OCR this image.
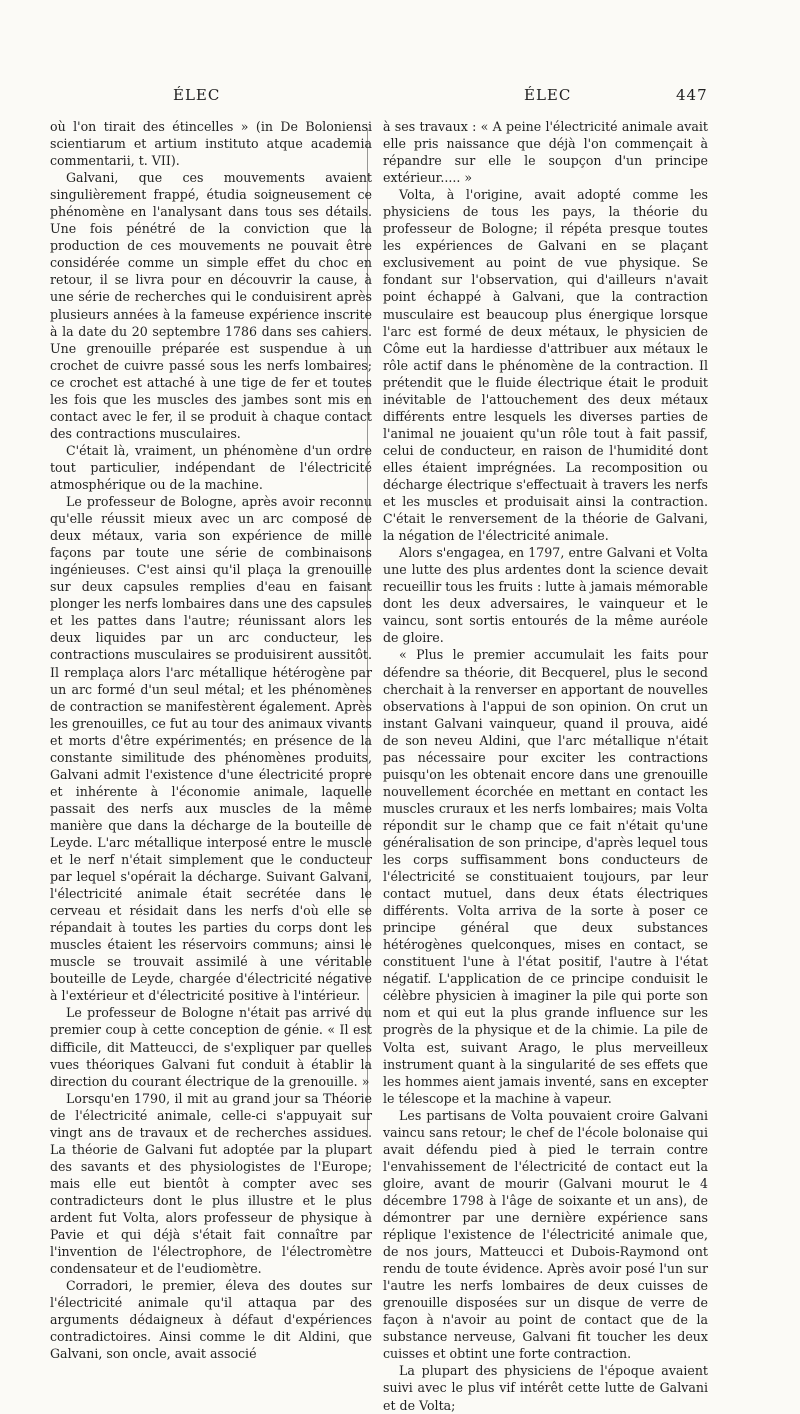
ÉLEC	ÉLEC	447

où l'on tirait des étincelles » (in De Boloniensi scientiarum et artium instituto atque academia commentarii, t. VII).

Galvani, que ces mouvements avaient singulièrement frappé, étudia soigneusement ce phénomène en l'analysant dans tous ses détails. Une fois pénétré de la conviction que la production de ces mouvements ne pouvait être considérée comme un simple effet du choc en retour, il se livra pour en découvrir la cause, à une série de recherches qui le conduisirent après plusieurs années à la fameuse expérience inscrite à la date du 20 septembre 1786 dans ses cahiers. Une grenouille préparée est suspendue à un crochet de cuivre passé sous les nerfs lombaires; ce crochet est attaché à une tige de fer et toutes les fois que les muscles des jambes sont mis en contact avec le fer, il se produit à chaque contact des contractions musculaires.

C'était là, vraiment, un phénomène d'un ordre tout particulier, indépendant de l'électricité atmosphérique ou de la machine.

Le professeur de Bologne, après avoir reconnu qu'elle réussit mieux avec un arc composé de deux métaux, varia son expérience de mille façons par toute une série de combinaisons ingénieuses. C'est ainsi qu'il plaça la grenouille sur deux capsules remplies d'eau en faisant plonger les nerfs lombaires dans une des capsules et les pattes dans l'autre; réunissant alors les deux liquides par un arc conducteur, les contractions musculaires se produisirent aussitôt. Il remplaça alors l'arc métallique hétérogène par un arc formé d'un seul métal; et les phénomènes de contraction se manifestèrent également. Après les grenouilles, ce fut au tour des animaux vivants et morts d'être expérimentés; en présence de la constante similitude des phénomènes produits, Galvani admit l'existence d'une électricité propre et inhérente à l'économie animale, laquelle passait des nerfs aux muscles de la même manière que dans la décharge de la bouteille de Leyde. L'arc métallique interposé entre le muscle et le nerf n'était simplement que le conducteur par lequel s'opérait la décharge. Suivant Galvani, l'électricité animale était secrétée dans le cerveau et résidait dans les nerfs d'où elle se répandait à toutes les parties du corps dont les muscles étaient les réservoirs communs; ainsi le muscle se trouvait assimilé à une véritable bouteille de Leyde, chargée d'électricité négative à l'extérieur et d'électricité positive à l'intérieur.

Le professeur de Bologne n'était pas arrivé du premier coup à cette conception de génie. « Il est difficile, dit Matteucci, de s'expliquer par quelles vues théoriques Galvani fut conduit à établir la direction du courant électrique de la grenouille. »

Lorsqu'en 1790, il mit au grand jour sa Théorie de l'électricité animale, celle-ci s'appuyait sur vingt ans de travaux et de recherches assidues. La théorie de Galvani fut adoptée par la plupart des savants et des physiologistes de l'Europe; mais elle eut bientôt à compter avec ses contradicteurs dont le plus illustre et le plus ardent fut Volta, alors professeur de physique à Pavie et qui déjà s'était fait connaître par l'invention de l'électrophore, de l'électromètre condensateur et de l'eudiomètre.

Corradori, le premier, éleva des doutes sur l'électricité animale qu'il attaqua par des arguments dédaigneux à défaut d'expériences contradictoires. Ainsi comme le dit Aldini, que Galvani, son oncle, avait associé

à ses travaux : « A peine l'électricité animale avait elle pris naissance que déjà l'on commençait à répandre sur elle le soupçon d'un principe extérieur..... »

Volta, à l'origine, avait adopté comme les physiciens de tous les pays, la théorie du professeur de Bologne; il répéta presque toutes les expériences de Galvani en se plaçant exclusivement au point de vue physique. Se fondant sur l'observation, qui d'ailleurs n'avait point échappé à Galvani, que la contraction musculaire est beaucoup plus énergique lorsque l'arc est formé de deux métaux, le physicien de Côme eut la hardiesse d'attribuer aux métaux le rôle actif dans le phénomène de la contraction. Il prétendit que le fluide électrique était le produit inévitable de l'attouchement des deux métaux différents entre lesquels les diverses parties de l'animal ne jouaient qu'un rôle tout à fait passif, celui de conducteur, en raison de l'humidité dont elles étaient imprégnées. La recomposition ou décharge électrique s'effectuait à travers les nerfs et les muscles et produisait ainsi la contraction. C'était le renversement de la théorie de Galvani, la négation de l'électricité animale.

Alors s'engagea, en 1797, entre Galvani et Volta une lutte des plus ardentes dont la science devait recueillir tous les fruits : lutte à jamais mémorable dont les deux adversaires, le vainqueur et le vaincu, sont sortis entourés de la même auréole de gloire.

« Plus le premier accumulait les faits pour défendre sa théorie, dit Becquerel, plus le second cherchait à la renverser en apportant de nouvelles observations à l'appui de son opinion. On crut un instant Galvani vainqueur, quand il prouva, aidé de son neveu Aldini, que l'arc métallique n'était pas nécessaire pour exciter les contractions puisqu'on les obtenait encore dans une grenouille nouvellement écorchée en mettant en contact les muscles cruraux et les nerfs lombaires; mais Volta répondit sur le champ que ce fait n'était qu'une généralisation de son principe, d'après lequel tous les corps suffisamment bons conducteurs de l'électricité se constituaient toujours, par leur contact mutuel, dans deux états électriques différents. Volta arriva de la sorte à poser ce principe général que deux substances hétérogènes quelconques, mises en contact, se constituent l'une à l'état positif, l'autre à l'état négatif. L'application de ce principe conduisit le célèbre physicien à imaginer la pile qui porte son nom et qui eut la plus grande influence sur les progrès de la physique et de la chimie. La pile de Volta est, suivant Arago, le plus merveilleux instrument quant à la singularité de ses effets que les hommes aient jamais inventé, sans en excepter le télescope et la machine à vapeur.

Les partisans de Volta pouvaient croire Galvani vaincu sans retour; le chef de l'école bolonaise qui avait défendu pied à pied le terrain contre l'envahissement de l'électricité de contact eut la gloire, avant de mourir (Galvani mourut le 4 décembre 1798 à l'âge de soixante et un ans), de démontrer par une dernière expérience sans réplique l'existence de l'électricité animale que, de nos jours, Matteucci et Dubois-Raymond ont rendu de toute évidence. Après avoir posé l'un sur l'autre les nerfs lombaires de deux cuisses de grenouille disposées sur un disque de verre de façon à n'avoir au point de contact que de la substance nerveuse, Galvani fit toucher les deux cuisses et obtint une forte contraction.

La plupart des physiciens de l'époque avaient suivi avec le plus vif intérêt cette lutte de Galvani et de Volta;
